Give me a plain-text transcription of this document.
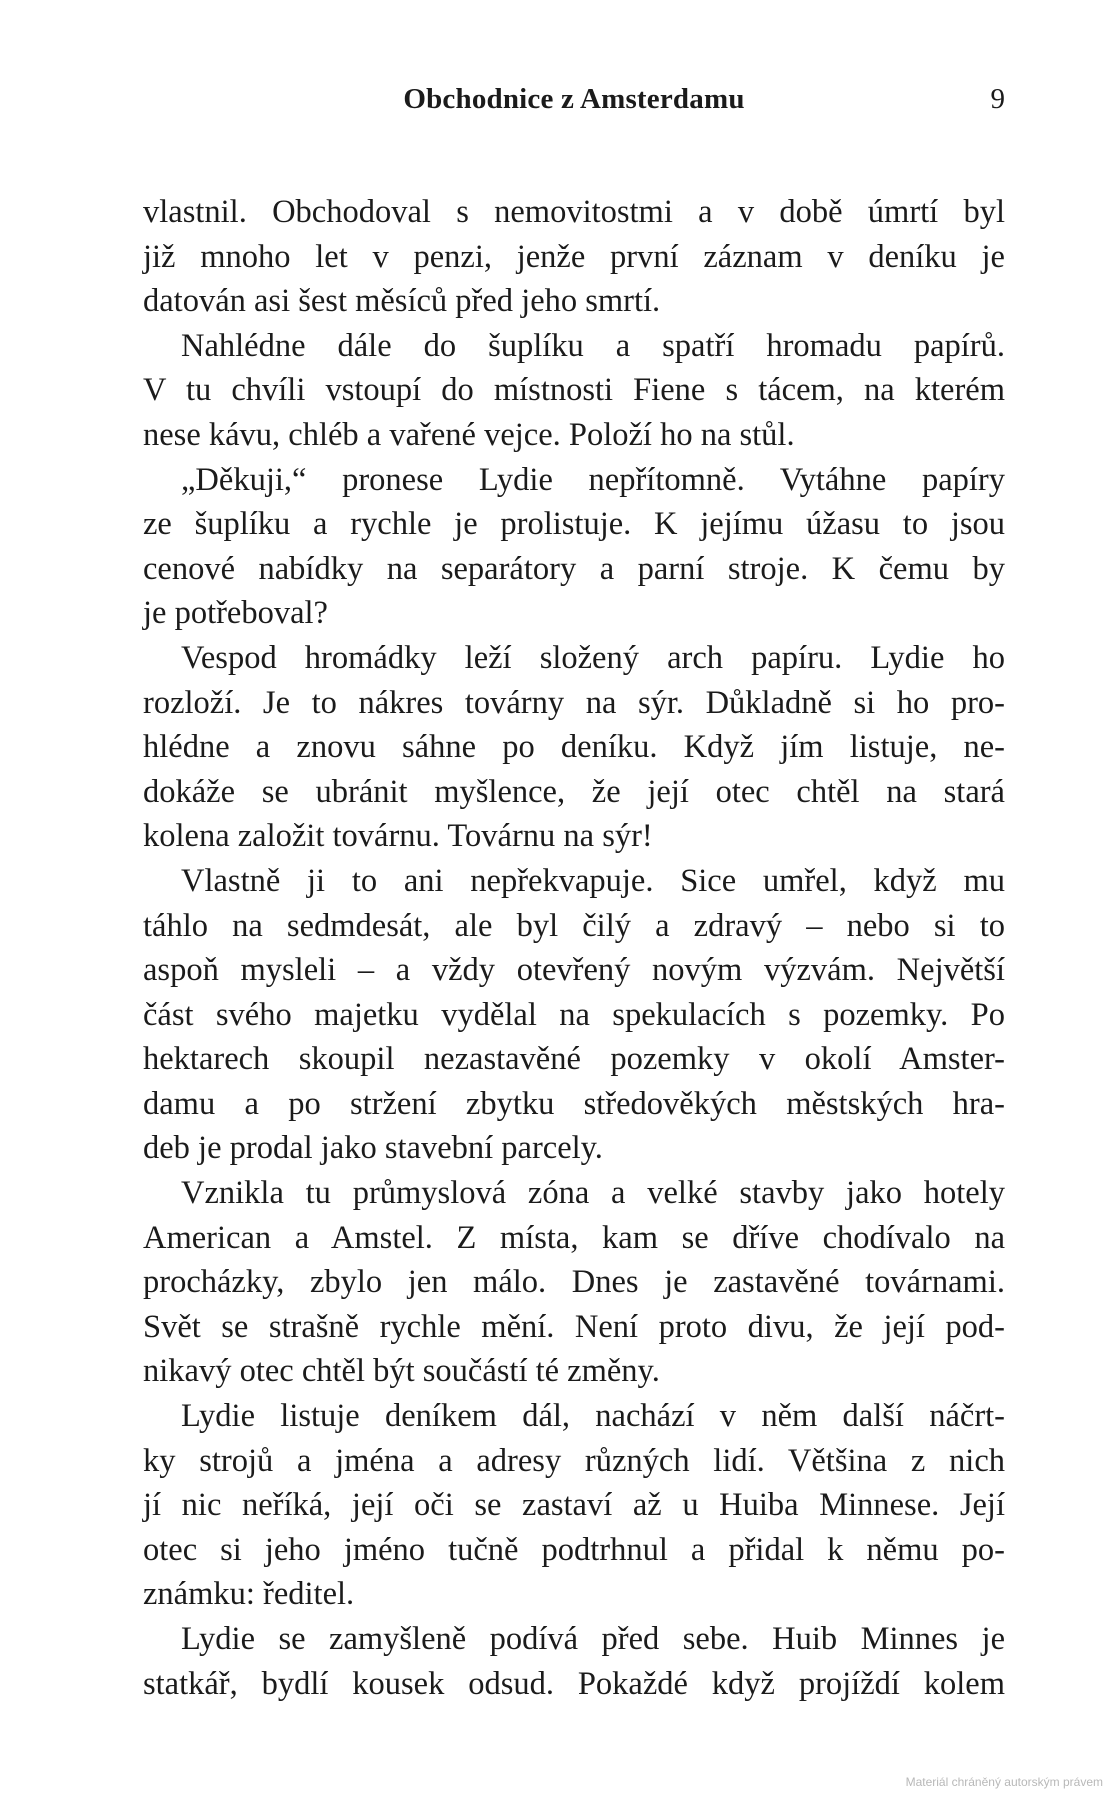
Obchodnice z Amsterdamu	9
vlastnil. Obchodoval s nemovitostmi a v době úmrtí byl
již mnoho let v penzi, jenže první záznam v deníku je
datován asi šest měsíců před jeho smrtí.
Nahlédne dále do šuplíku a spatří hromadu papírů.
V tu chvíli vstoupí do místnosti Fiene s tácem, na kterém
nese kávu, chléb a vařené vejce. Položí ho na stůl.
„Děkuji,“ pronese Lydie nepřítomně. Vytáhne papíry
ze šuplíku a rychle je prolistuje. K jejímu úžasu to jsou
cenové nabídky na separátory a parní stroje. K čemu by
je potřeboval?
Vespod hromádky leží složený arch papíru. Lydie ho
rozloží. Je to nákres továrny na sýr. Důkladně si ho pro-
hlédne a znovu sáhne po deníku. Když jím listuje, ne-
dokáže se ubránit myšlence, že její otec chtěl na stará
kolena založit továrnu. Továrnu na sýr!
Vlastně ji to ani nepřekvapuje. Sice umřel, když mu
táhlo na sedmdesát, ale byl čilý a zdravý – nebo si to
aspoň mysleli – a vždy otevřený novým výzvám. Největší
část svého majetku vydělal na spekulacích s pozemky. Po
hektarech skoupil nezastavěné pozemky v okolí Amster-
damu a po stržení zbytku středověkých městských hra-
deb je prodal jako stavební parcely.
Vznikla tu průmyslová zóna a velké stavby jako hotely
American a Amstel. Z místa, kam se dříve chodívalo na
procházky, zbylo jen málo. Dnes je zastavěné továrnami.
Svět se strašně rychle mění. Není proto divu, že její pod-
nikavý otec chtěl být součástí té změny.
Lydie listuje deníkem dál, nachází v něm další náčrt-
ky strojů a jména a adresy různých lidí. Většina z nich
jí nic neříká, její oči se zastaví až u Huiba Minnese. Její
otec si jeho jméno tučně podtrhnul a přidal k němu po-
známku: ředitel.
Lydie se zamyšleně podívá před sebe. Huib Minnes je
statkář, bydlí kousek odsud. Pokaždé když projíždí kolem
Materiál chráněný autorským právem
